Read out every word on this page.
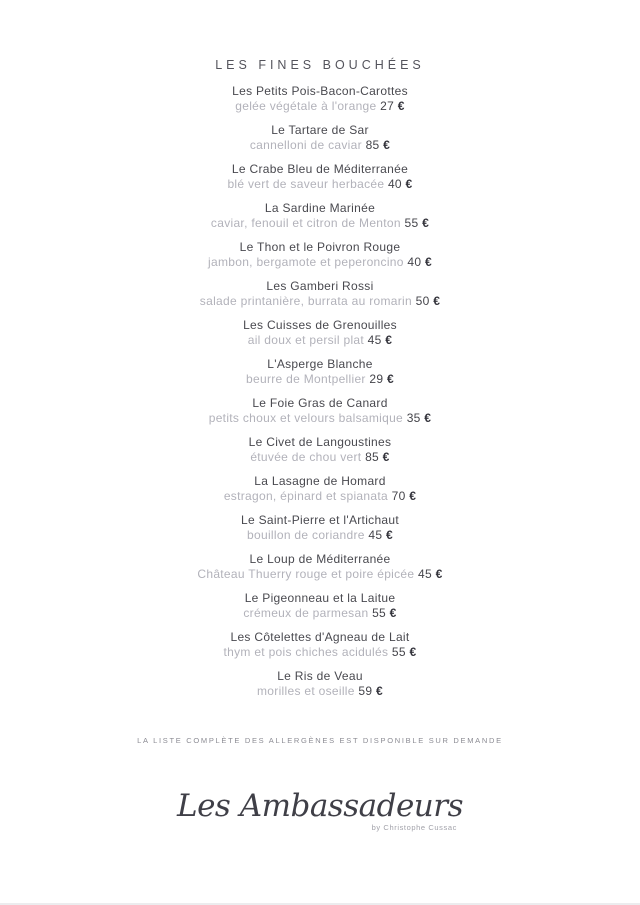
LES FINES BOUCHÉES
Les Petits Pois-Bacon-Carottes
gelée végétale à l'orange 27 €
Le Tartare de Sar
cannelloni de caviar 85 €
Le Crabe Bleu de Méditerranée
blé vert de saveur herbacée 40 €
La Sardine Marinée
caviar, fenouil et citron de Menton 55 €
Le Thon et le Poivron Rouge
jambon, bergamote et peperoncino 40 €
Les Gamberi Rossi
salade printanière, burrata au romarin 50 €
Les Cuisses de Grenouilles
ail doux et persil plat 45 €
L'Asperge Blanche
beurre de Montpellier 29 €
Le Foie Gras de Canard
petits choux et velours balsamique 35 €
Le Civet de Langoustines
étuvée de chou vert 85 €
La Lasagne de Homard
estragon, épinard et spianata 70 €
Le Saint-Pierre et l'Artichaut
bouillon de coriandre 45 €
Le Loup de Méditerranée
Château Thuerry rouge et poire épicée 45 €
Le Pigeonneau et la Laitue
crémeux de parmesan 55 €
Les Côtelettes d'Agneau de Lait
thym et pois chiches acidulés 55 €
Le Ris de Veau
morilles et oseille 59 €
LA LISTE COMPLÈTE DES ALLERGÈNES EST DISPONIBLE SUR DEMANDE
Les Ambassadeurs
by Christophe Cussac
